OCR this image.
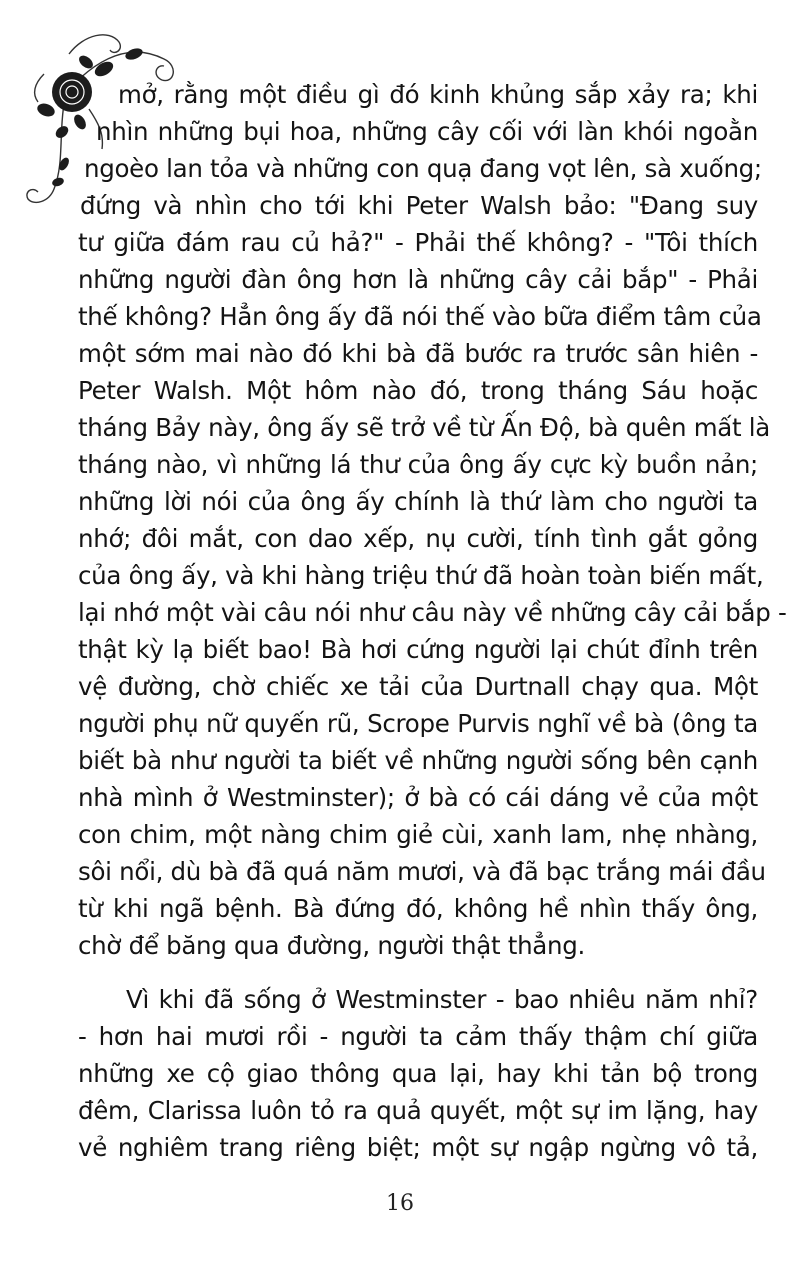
mở, rằng một điều gì đó kinh khủng sắp xảy ra; khi
nhìn những bụi hoa, những cây cối với làn khói ngoằn
ngoèo lan tỏa và những con quạ đang vọt lên, sà xuống;
đứng và nhìn cho tới khi Peter Walsh bảo: "Đang suy
tư giữa đám rau củ hả?" - Phải thế không? - "Tôi thích
những người đàn ông hơn là những cây cải bắp" - Phải
thế không? Hẳn ông ấy đã nói thế vào bữa điểm tâm của
một sớm mai nào đó khi bà đã bước ra trước sân hiên -
Peter Walsh. Một hôm nào đó, trong tháng Sáu hoặc
tháng Bảy này, ông ấy sẽ trở về từ Ấn Độ, bà quên mất là
tháng nào, vì những lá thư của ông ấy cực kỳ buồn nản;
những lời nói của ông ấy chính là thứ làm cho người ta
nhớ; đôi mắt, con dao xếp, nụ cười, tính tình gắt gỏng
của ông ấy, và khi hàng triệu thứ đã hoàn toàn biến mất,
lại nhớ một vài câu nói như câu này về những cây cải bắp -
thật kỳ lạ biết bao! Bà hơi cứng người lại chút đỉnh trên
vệ đường, chờ chiếc xe tải của Durtnall chạy qua. Một
người phụ nữ quyến rũ, Scrope Purvis nghĩ về bà (ông ta
biết bà như người ta biết về những người sống bên cạnh
nhà mình ở Westminster); ở bà có cái dáng vẻ của một
con chim, một nàng chim giẻ cùi, xanh lam, nhẹ nhàng,
sôi nổi, dù bà đã quá năm mươi, và đã bạc trắng mái đầu
từ khi ngã bệnh. Bà đứng đó, không hề nhìn thấy ông,
chờ để băng qua đường, người thật thẳng.
Vì khi đã sống ở Westminster - bao nhiêu năm nhỉ?
- hơn hai mươi rồi - người ta cảm thấy thậm chí giữa
những xe cộ giao thông qua lại, hay khi tản bộ trong
đêm, Clarissa luôn tỏ ra quả quyết, một sự im lặng, hay
vẻ nghiêm trang riêng biệt; một sự ngập ngừng vô tả,
16
